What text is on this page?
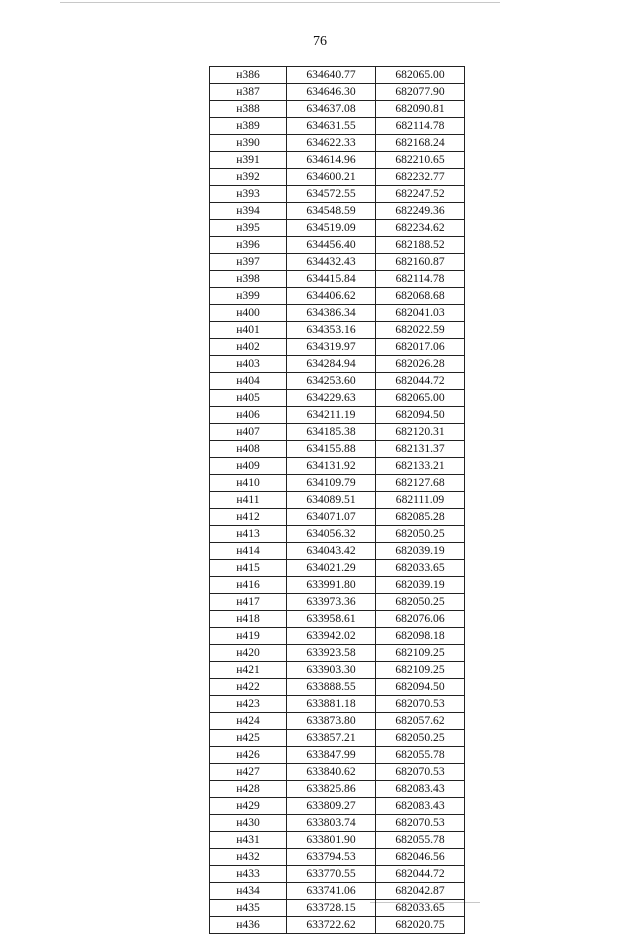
76
н386	634640.77	682065.00
н387	634646.30	682077.90
н388	634637.08	682090.81
н389	634631.55	682114.78
н390	634622.33	682168.24
н391	634614.96	682210.65
н392	634600.21	682232.77
н393	634572.55	682247.52
н394	634548.59	682249.36
н395	634519.09	682234.62
н396	634456.40	682188.52
н397	634432.43	682160.87
н398	634415.84	682114.78
н399	634406.62	682068.68
н400	634386.34	682041.03
н401	634353.16	682022.59
н402	634319.97	682017.06
н403	634284.94	682026.28
н404	634253.60	682044.72
н405	634229.63	682065.00
н406	634211.19	682094.50
н407	634185.38	682120.31
н408	634155.88	682131.37
н409	634131.92	682133.21
н410	634109.79	682127.68
н411	634089.51	682111.09
н412	634071.07	682085.28
н413	634056.32	682050.25
н414	634043.42	682039.19
н415	634021.29	682033.65
н416	633991.80	682039.19
н417	633973.36	682050.25
н418	633958.61	682076.06
н419	633942.02	682098.18
н420	633923.58	682109.25
н421	633903.30	682109.25
н422	633888.55	682094.50
н423	633881.18	682070.53
н424	633873.80	682057.62
н425	633857.21	682050.25
н426	633847.99	682055.78
н427	633840.62	682070.53
н428	633825.86	682083.43
н429	633809.27	682083.43
н430	633803.74	682070.53
н431	633801.90	682055.78
н432	633794.53	682046.56
н433	633770.55	682044.72
н434	633741.06	682042.87
н435	633728.15	682033.65
н436	633722.62	682020.75
